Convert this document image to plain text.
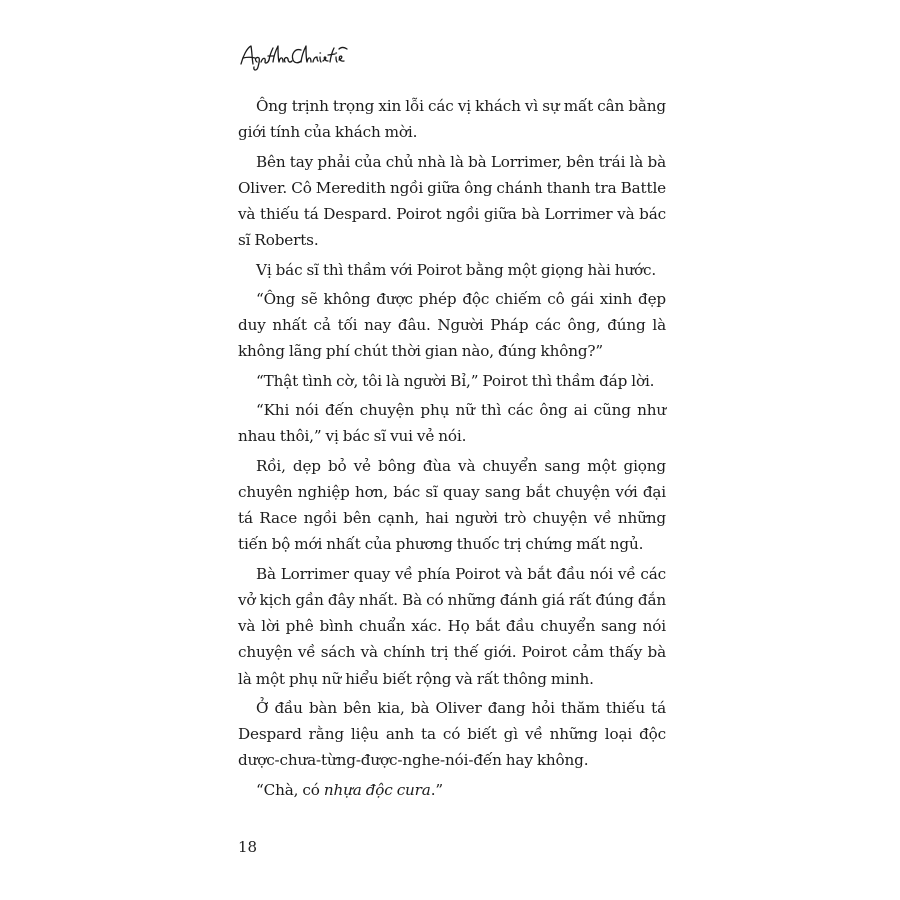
Ông trịnh trọng xin lỗi các vị khách vì sự mất cân bằng giới tính của khách mời.

Bên tay phải của chủ nhà là bà Lorrimer, bên trái là bà Oliver. Cô Meredith ngồi giữa ông chánh thanh tra Battle và thiếu tá Despard. Poirot ngồi giữa bà Lorrimer và bác sĩ Roberts.

Vị bác sĩ thì thầm với Poirot bằng một giọng hài hước.

“Ông sẽ không được phép độc chiếm cô gái xinh đẹp duy nhất cả tối nay đâu. Người Pháp các ông, đúng là không lãng phí chút thời gian nào, đúng không?”

“Thật tình cờ, tôi là người Bỉ,” Poirot thì thầm đáp lời.

“Khi nói đến chuyện phụ nữ thì các ông ai cũng như nhau thôi,” vị bác sĩ vui vẻ nói.

Rồi, dẹp bỏ vẻ bông đùa và chuyển sang một giọng chuyên nghiệp hơn, bác sĩ quay sang bắt chuyện với đại tá Race ngồi bên cạnh, hai người trò chuyện về những tiến bộ mới nhất của phương thuốc trị chứng mất ngủ.

Bà Lorrimer quay về phía Poirot và bắt đầu nói về các vở kịch gần đây nhất. Bà có những đánh giá rất đúng đắn và lời phê bình chuẩn xác. Họ bắt đầu chuyển sang nói chuyện về sách và chính trị thế giới. Poirot cảm thấy bà là một phụ nữ hiểu biết rộng và rất thông minh.

Ở đầu bàn bên kia, bà Oliver đang hỏi thăm thiếu tá Despard rằng liệu anh ta có biết gì về những loại độc dược-chưa-từng-được-nghe-nói-đến hay không.

“Chà, có nhựa độc cura.”

18
